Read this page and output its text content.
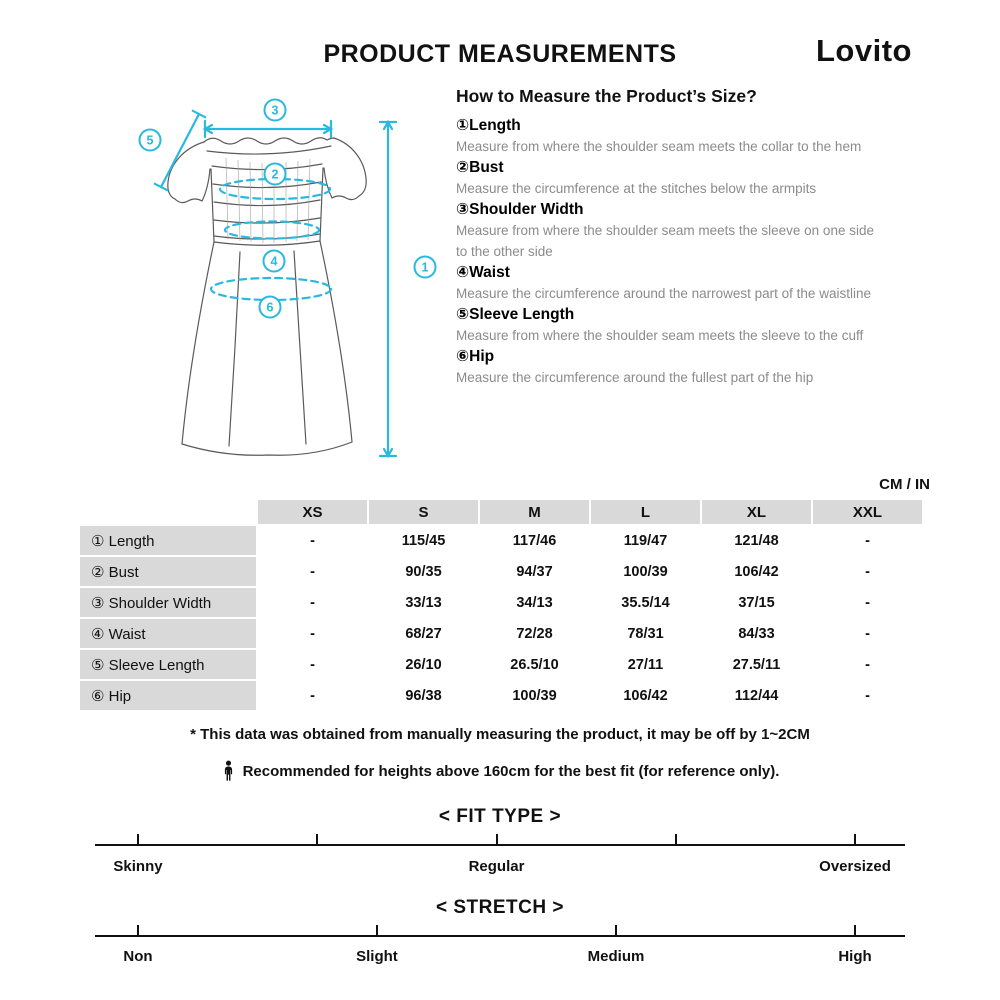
PRODUCT MEASUREMENTS	Lovito
3
5
2
4
6
1
How to Measure the Product’s Size?
①Length
Measure from where the shoulder seam meets the collar to the hem
②Bust
Measure the circumference at the stitches below the armpits
③Shoulder Width
Measure from where the shoulder seam meets the sleeve on one side to the other side
④Waist
Measure the circumference around the narrowest part of the waistline
⑤Sleeve Length
Measure from where the shoulder seam meets the sleeve to the cuff
⑥Hip
Measure the circumference around the fullest part of the hip
CM / IN
	XS	S	M	L	XL	XXL
① Length	-	115/45	117/46	119/47	121/48	-
② Bust	-	90/35	94/37	100/39	106/42	-
③ Shoulder Width	-	33/13	34/13	35.5/14	37/15	-
④ Waist	-	68/27	72/28	78/31	84/33	-
⑤ Sleeve Length	-	26/10	26.5/10	27/11	27.5/11	-
⑥ Hip	-	96/38	100/39	106/42	112/44	-
* This data was obtained from manually measuring the product, it may be off by 1~2CM
Recommended for heights above 160cm for the best fit (for reference only).
< FIT TYPE >
Skinny	Regular	Oversized
< STRETCH >
Non	Slight	Medium	High
